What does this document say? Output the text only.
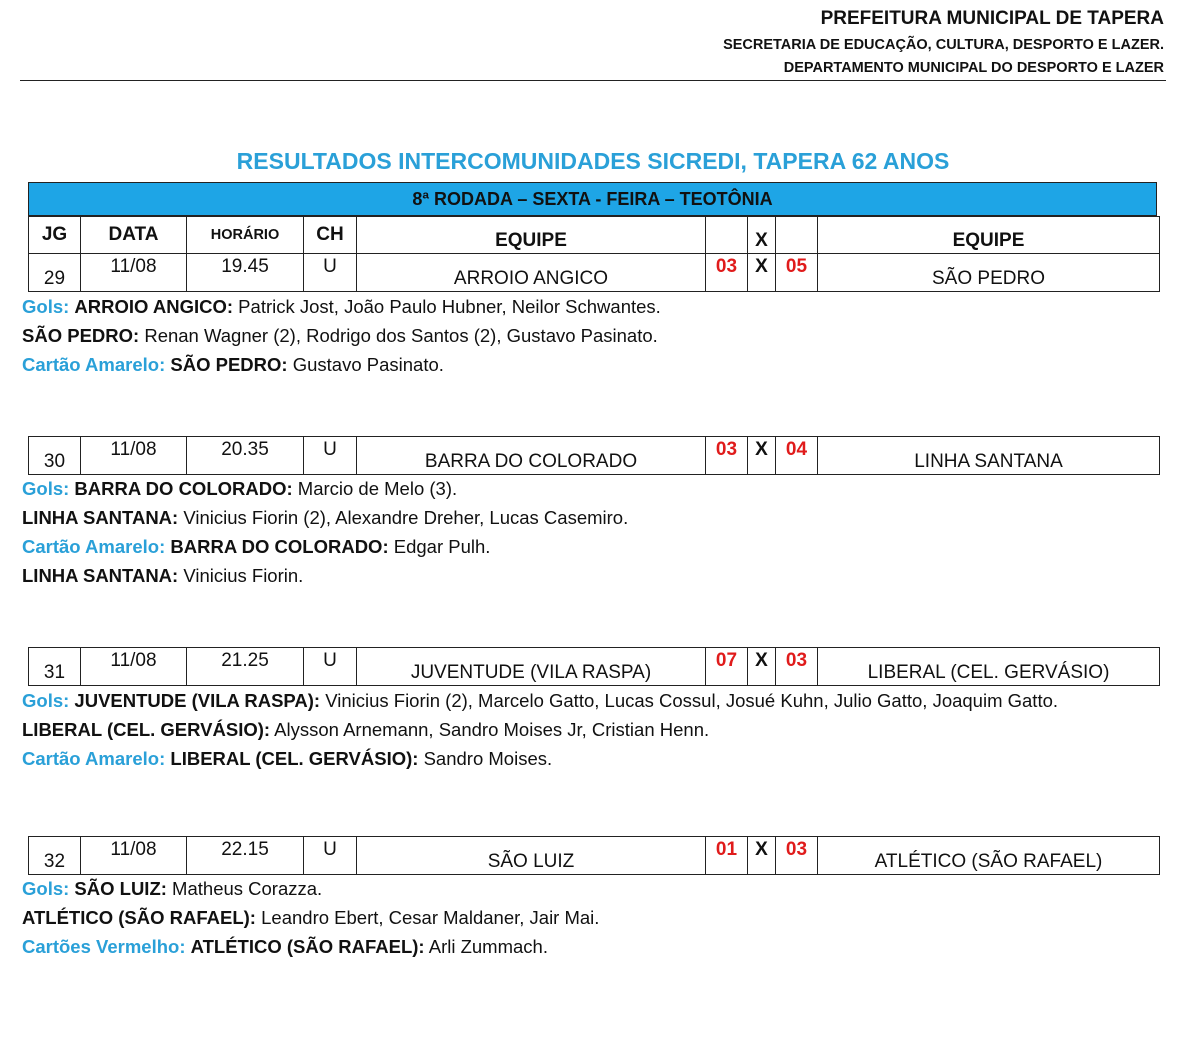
PREFEITURA MUNICIPAL DE TAPERA
SECRETARIA DE EDUCAÇÃO, CULTURA, DESPORTO E LAZER.
DEPARTAMENTO MUNICIPAL DO DESPORTO E LAZER
RESULTADOS INTERCOMUNIDADES SICREDI, TAPERA 62 ANOS
8ª RODADA – SEXTA - FEIRA – TEOTÔNIA
JG	DATA	HORÁRIO	CH	EQUIPE		X		EQUIPE
29	11/08	19.45	U	ARROIO ANGICO	03	X	05	SÃO PEDRO

Gols: ARROIO ANGICO: Patrick Jost, João Paulo Hubner, Neilor Schwantes.

SÃO PEDRO: Renan Wagner (2), Rodrigo dos Santos (2), Gustavo Pasinato.

Cartão Amarelo: SÃO PEDRO: Gustavo Pasinato.

30	11/08	20.35	U	BARRA DO COLORADO	03	X	04	LINHA SANTANA

Gols: BARRA DO COLORADO: Marcio de Melo (3).

LINHA SANTANA: Vinicius Fiorin (2), Alexandre Dreher, Lucas Casemiro.

Cartão Amarelo: BARRA DO COLORADO: Edgar Pulh.

LINHA SANTANA: Vinicius Fiorin.

31	11/08	21.25	U	JUVENTUDE (VILA RASPA)	07	X	03	LIBERAL (CEL. GERVÁSIO)

Gols: JUVENTUDE (VILA RASPA): Vinicius Fiorin (2), Marcelo Gatto, Lucas Cossul, Josué Kuhn, Julio Gatto, Joaquim Gatto.

LIBERAL (CEL. GERVÁSIO): Alysson Arnemann, Sandro Moises Jr, Cristian Henn.

Cartão Amarelo: LIBERAL (CEL. GERVÁSIO): Sandro Moises.

32	11/08	22.15	U	SÃO LUIZ	01	X	03	ATLÉTICO (SÃO RAFAEL)

Gols: SÃO LUIZ: Matheus Corazza.

ATLÉTICO (SÃO RAFAEL): Leandro Ebert, Cesar Maldaner, Jair Mai.

Cartões Vermelho: ATLÉTICO (SÃO RAFAEL): Arli Zummach.
